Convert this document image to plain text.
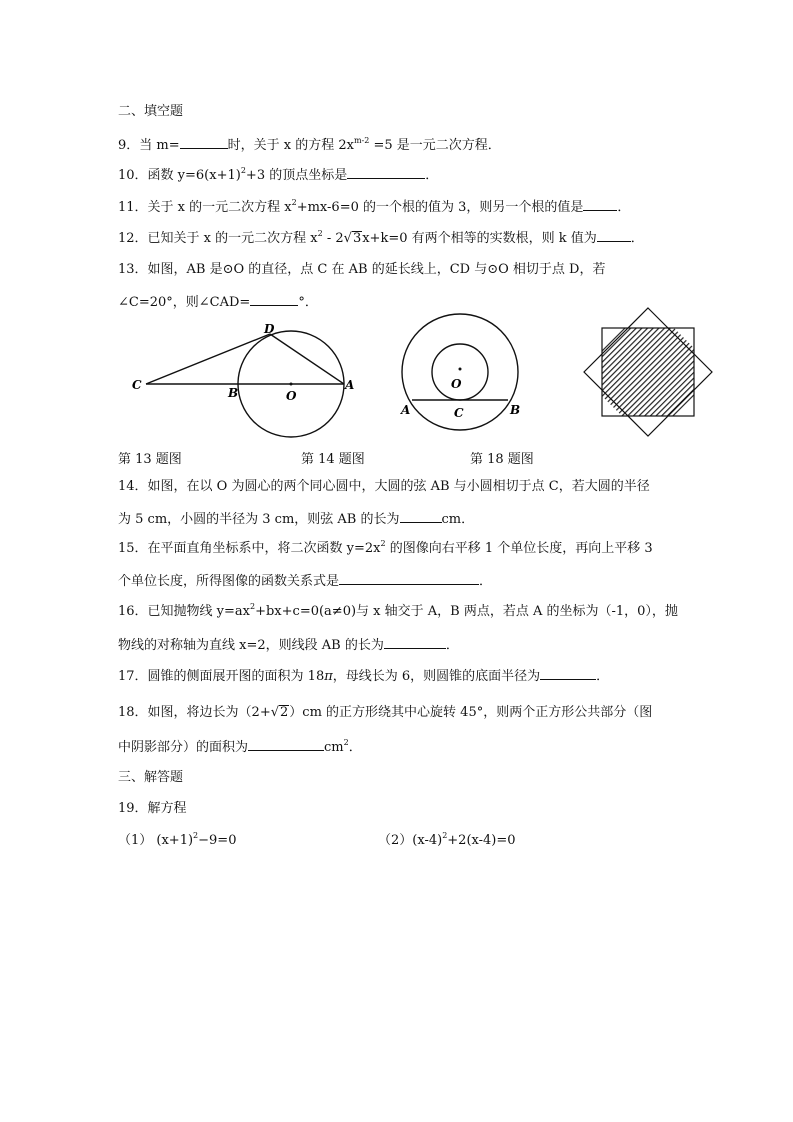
二、填空题
9．当 m=	时，关于 x 的方程 $2x^{m-2} =5$ 是一元二次方程．
10．函数 $y=6(x+1)^2+3$ 的顶点坐标是	．
11．关于 x 的一元二次方程 $x^2+mx-6=0$ 的一个根的值为 3，则另一个根的值是	．
12．已知关于 x 的一元二次方程 $x^2 - 2√3x+k=0$ 有两个相等的实数根，则 k 值为	．
13．如图，AB 是⊙O 的直径，点 C 在 AB 的延长线上，CD 与⊙O 相切于点 D，若
∠C=20°，则∠CAD=	°．
C
B	O
A
D
O
A	C	B
第 13 题图	第 14 题图	第 18 题图
14．如图，在以 O 为圆心的两个同心圆中，大圆的弦 AB 与小圆相切于点 C，若大圆的半径
为 5 cm，小圆的半径为 3 cm，则弦 AB 的长为	cm．
15．在平面直角坐标系中，将二次函数 $y=2x^2$ 的图像向右平移 1 个单位长度，再向上平移 3
个单位长度，所得图像的函数关系式是	．
16．已知抛物线 $y=ax^2+bx+c=0(a\ne 0)$与 x 轴交于 A，B 两点，若点 A 的坐标为（-1，0），抛
物线的对称轴为直线 x=2，则线段 AB 的长为	．
17．圆锥的侧面展开图的面积为 18π，母线长为 6，则圆锥的底面半径为	．
18．如图，将边长为（2+√2）cm 的正方形绕其中心旋转 45°，则两个正方形公共部分（图
中阴影部分）的面积为	$cm^2$．
三、解答题
19．解方程
（1） $(x+1)^2-9=0$	$(2)(x-4)^2+2(x-4)=0$
